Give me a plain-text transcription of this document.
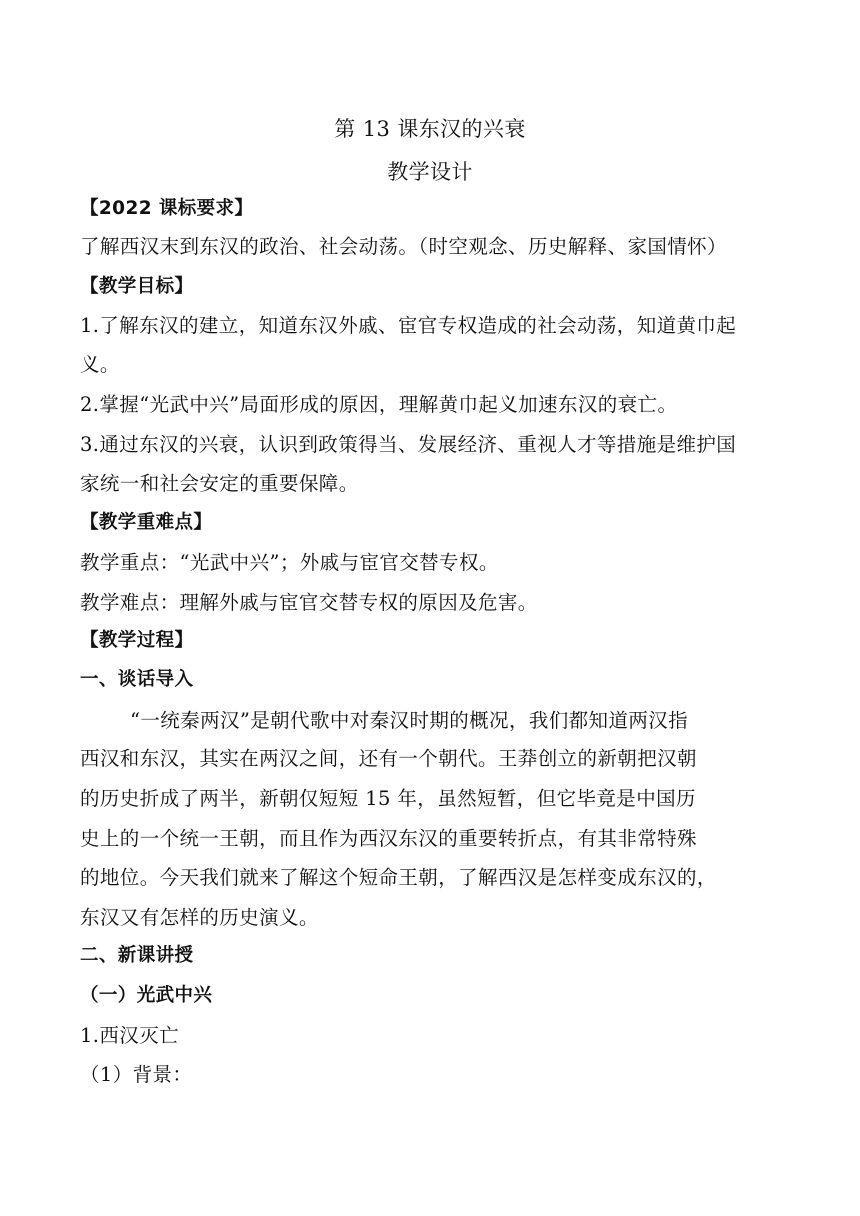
第 13 课东汉的兴衰
教学设计
【2022 课标要求】
了解西汉末到东汉的政治、社会动荡。（时空观念、历史解释、家国情怀）
【教学目标】
1.了解东汉的建立，知道东汉外戚、宦官专权造成的社会动荡，知道黄巾起
义。
2.掌握“光武中兴”局面形成的原因，理解黄巾起义加速东汉的衰亡。
3.通过东汉的兴衰，认识到政策得当、发展经济、重视人才等措施是维护国
家统一和社会安定的重要保障。
【教学重难点】
教学重点：“光武中兴”；外戚与宦官交替专权。
教学难点：理解外戚与宦官交替专权的原因及危害。
【教学过程】
一、谈话导入
“一统秦两汉”是朝代歌中对秦汉时期的概况，我们都知道两汉指
西汉和东汉，其实在两汉之间，还有一个朝代。王莽创立的新朝把汉朝
的历史折成了两半，新朝仅短短 15 年，虽然短暂，但它毕竟是中国历
史上的一个统一王朝，而且作为西汉东汉的重要转折点，有其非常特殊
的地位。今天我们就来了解这个短命王朝，了解西汉是怎样变成东汉的，
东汉又有怎样的历史演义。
二、新课讲授
（一）光武中兴
1.西汉灭亡
（1）背景：
